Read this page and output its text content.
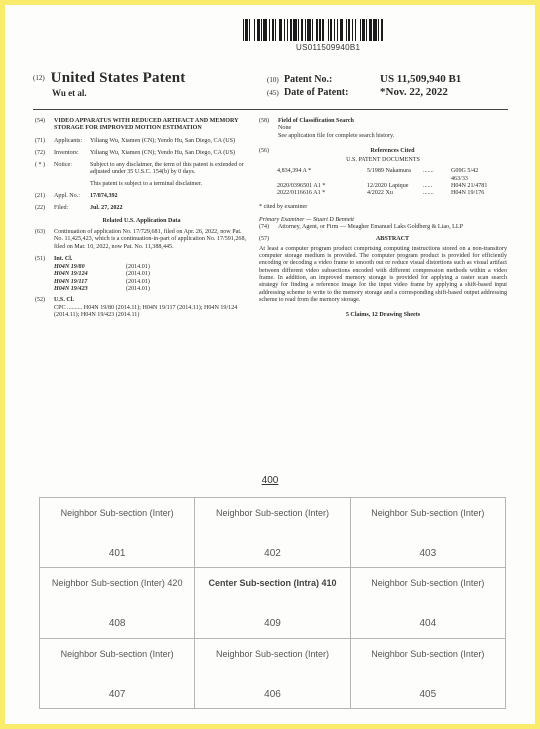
US011509940B1
(12) United States Patent
Wu et al.
(10) Patent No.:	US 11,509,940 B1
(45) Date of Patent:	*Nov. 22, 2022
(54)	VIDEO APPARATUS WITH REDUCED ARTIFACT AND MEMORY STORAGE FOR IMPROVED MOTION ESTIMATION
(71)	Applicants:	Yiliang Wu, Xiamen (CN); Yendo Hu, San Diego, CA (US)
(72)	Inventors:	Yiliang Wu, Xiamen (CN); Yendo Hu, San Diego, CA (US)
( * )	Notice:	Subject to any disclaimer, the term of this patent is extended or adjusted under 35 U.S.C. 154(b) by 0 days.
This patent is subject to a terminal disclaimer.
(21)	Appl. No.:	17/874,392
(22)	Filed:	Jul. 27, 2022
Related U.S. Application Data
(63)	Continuation of application No. 17/729,681, filed on Apr. 26, 2022, now Pat. No. 11,425,423, which is a continuation-in-part of application No. 17/591,268, filed on Mar. 10, 2022, now Pat. No. 11,388,445.
(51)	Int. Cl.
H04N 19/80	(2014.01)
H04N 19/124	(2014.01)
H04N 19/117	(2014.01)
H04N 19/423	(2014.01)
(52)	U.S. Cl.
CPC .......... H04N 19/80 (2014.11); H04N 19/117 (2014.11); H04N 19/124 (2014.11); H04N 19/423 (2014.11)
(58)	Field of Classification Search
None
See application file for complete search history.
(56)	References Cited
U.S. PATENT DOCUMENTS
4,834,394 A *	5/1989 Nakamura	.......	G09G 5/42
463/33
2020/0396501 A1 *	12/2020 Lapique	......	H04N 21/4781
2022/0116616 A1 *	4/2022 Xu	.......	H04N 19/176
* cited by examiner
Primary Examiner — Stuart D Bennett
(74)	Attorney, Agent, or Firm — Meagher Emanuel Laks Goldberg & Liao, LLP
(57)	ABSTRACT
At least a computer program product comprising computing instructions stored on a non-transitory computer storage medium is provided. The computer program product is provided for efficiently encoding or decoding a video frame to smooth out or reduce visual distortions such as visual artifact between different video subsections encoded with different compression methods within a video frame. In addition, an improved memory storage is provided for applying a raster scan search strategy for finding a reference image for the input video frame by applying a shift-based input addressing scheme to write to the memory storage and a corresponding shift-based output addressing scheme to read from the memory storage.
5 Claims, 12 Drawing Sheets
400
Neighbor Sub-section (Inter)
401
Neighbor Sub-section (Inter)
402
Neighbor Sub-section (Inter)
403
Neighbor Sub-section (Inter) 420
408
Center Sub-section (Intra) 410
409
Neighbor Sub-section (Inter)
404
Neighbor Sub-section (Inter)
407
Neighbor Sub-section (Inter)
406
Neighbor Sub-section (Inter)
405
